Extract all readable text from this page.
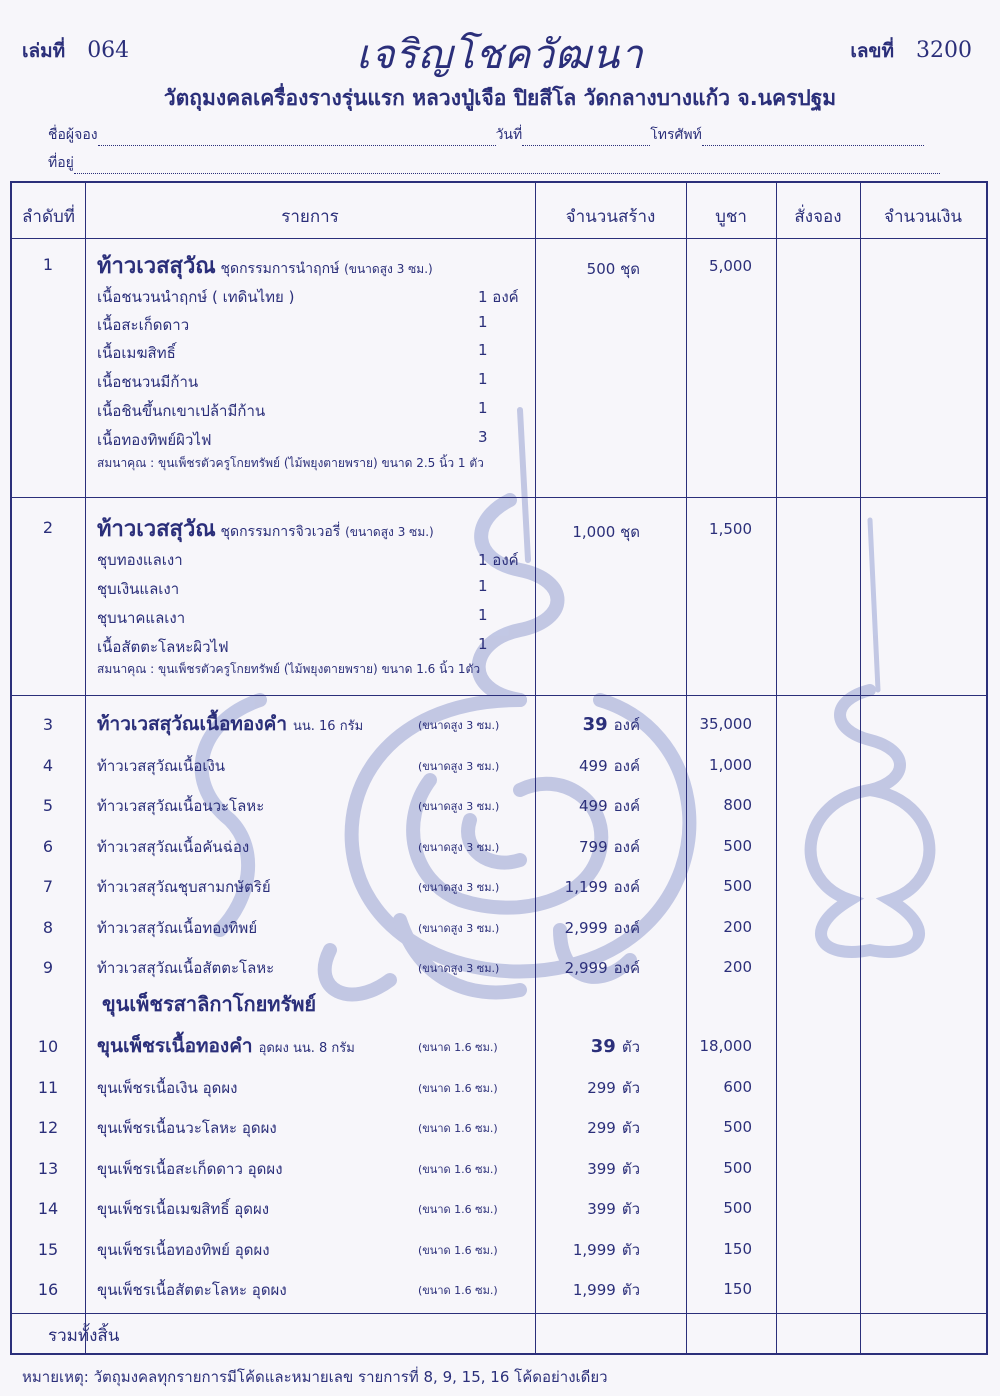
เล่มที่ 064	เจริญโชควัฒนา	เลขที่ 3200
วัตถุมงคลเครื่องรางรุ่นแรก หลวงปู่เจือ ปิยสีโล วัดกลางบางแก้ว จ.นครปฐม
ชื่อผู้จอง	วันที่	โทรศัพท์
ที่อยู่
ลำดับที่	รายการ	จำนวนสร้าง	บูชา	สั่งจอง	จำนวนเงิน
1	ท้าวเวสสุวัณ ชุดกรรมการนำฤกษ์ (ขนาดสูง 3 ซม.)	500 ชุด	5,000
เนื้อชนวนนำฤกษ์ ( เทดินไทย )	1 องค์
เนื้อสะเก็ดดาว	1
เนื้อเมฆสิทธิ์	1
เนื้อชนวนมีก้าน	1
เนื้อชินขึ้นกเขาเปล้ามีก้าน	1
เนื้อทองทิพย์ผิวไฟ	3
สมนาคุณ : ขุนเพ็ชรตัวครูโกยทรัพย์ (ไม้พยุงตายพราย) ขนาด 2.5 นิ้ว 1 ตัว
2	ท้าวเวสสุวัณ ชุดกรรมการจิวเวอรี่ (ขนาดสูง 3 ซม.)	1,000 ชุด	1,500
ชุบทองแลเงา	1 องค์
ชุบเงินแลเงา	1
ชุบนาคแลเงา	1
เนื้อสัตตะโลหะผิวไฟ	1
สมนาคุณ : ขุนเพ็ชรตัวครูโกยทรัพย์ (ไม้พยุงตายพราย) ขนาด 1.6 นิ้ว 1ตัว
3	ท้าวเวสสุวัณเนื้อทองคำ นน. 16 กรัม	(ขนาดสูง 3 ซม.)	39 องค์	35,000
4	ท้าวเวสสุวัณเนื้อเงิน	(ขนาดสูง 3 ซม.)	499 องค์	1,000
5	ท้าวเวสสุวัณเนื้อนวะโลหะ	(ขนาดสูง 3 ซม.)	499 องค์	800
6	ท้าวเวสสุวัณเนื้อคันฉ่อง	(ขนาดสูง 3 ซม.)	799 องค์	500
7	ท้าวเวสสุวัณชุบสามกษัตริย์	(ขนาดสูง 3 ซม.)	1,199 องค์	500
8	ท้าวเวสสุวัณเนื้อทองทิพย์	(ขนาดสูง 3 ซม.)	2,999 องค์	200
9	ท้าวเวสสุวัณเนื้อสัตตะโลหะ	(ขนาดสูง 3 ซม.)	2,999 องค์	200
ขุนเพ็ชรสาลิกาโกยทรัพย์
10	ขุนเพ็ชรเนื้อทองคำ อุดผง นน. 8 กรัม	(ขนาด 1.6 ซม.)	39 ตัว	18,000
11	ขุนเพ็ชรเนื้อเงิน อุดผง	(ขนาด 1.6 ซม.)	299 ตัว	600
12	ขุนเพ็ชรเนื้อนวะโลหะ อุดผง	(ขนาด 1.6 ซม.)	299 ตัว	500
13	ขุนเพ็ชรเนื้อสะเก็ดดาว อุดผง	(ขนาด 1.6 ซม.)	399 ตัว	500
14	ขุนเพ็ชรเนื้อเมฆสิทธิ์ อุดผง	(ขนาด 1.6 ซม.)	399 ตัว	500
15	ขุนเพ็ชรเนื้อทองทิพย์ อุดผง	(ขนาด 1.6 ซม.)	1,999 ตัว	150
16	ขุนเพ็ชรเนื้อสัตตะโลหะ อุดผง	(ขนาด 1.6 ซม.)	1,999 ตัว	150
รวมทั้งสิ้น
หมายเหตุ: วัตถุมงคลทุกรายการมีโค้ดและหมายเลข รายการที่ 8, 9, 15, 16 โค้ดอย่างเดียว
